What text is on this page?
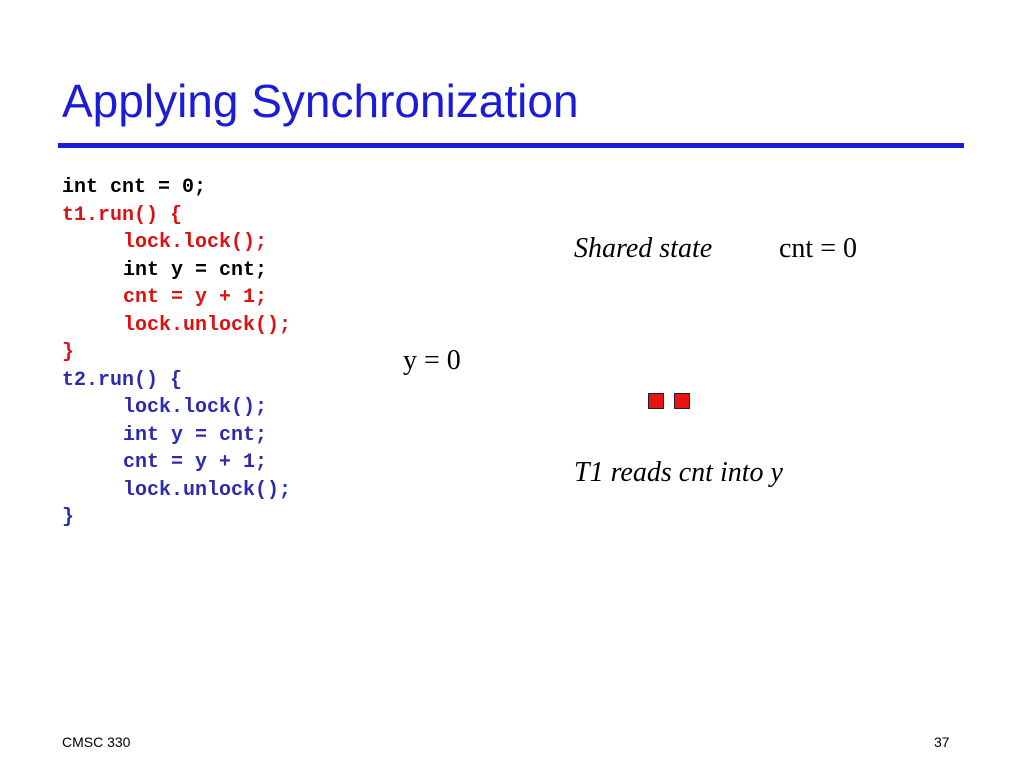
Applying Synchronization
int cnt = 0;
t1.run() {
lock.lock();
int y = cnt;
cnt = y + 1;
lock.unlock();
}
t2.run() {
lock.lock();
int y = cnt;
cnt = y + 1;
lock.unlock();
}
Shared state cnt = 0
y = 0
T1 reads cnt into y
CMSC 330	37
